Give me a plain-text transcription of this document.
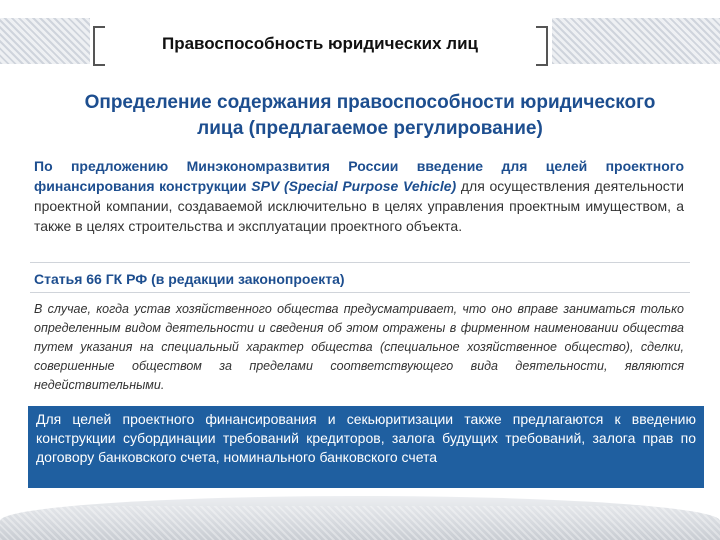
Правоспособность юридических лиц
Определение содержания правоспособности юридического
лица (предлагаемое регулирование)
По предложению Минэкономразвития России введение для целей проектного финансирования конструкции SPV (Special Purpose Vehicle) для осуществления деятельности проектной компании, создаваемой исключительно в целях управления проектным имуществом, а также в целях строительства и эксплуатации проектного объекта.
Статья 66 ГК РФ (в редакции законопроекта)
В случае, когда устав хозяйственного общества предусматривает, что оно вправе заниматься только определенным видом деятельности и сведения об этом отражены в фирменном наименовании общества путем указания на специальный характер общества (специальное хозяйственное общество), сделки, совершенные обществом за пределами соответствующего вида деятельности, являются недействительными.
Для целей проектного финансирования и секьюритизации также предлагаются к введению конструкции субординации требований кредиторов, залога будущих требований, залога прав по договору банковского счета, номинального банковского счета
